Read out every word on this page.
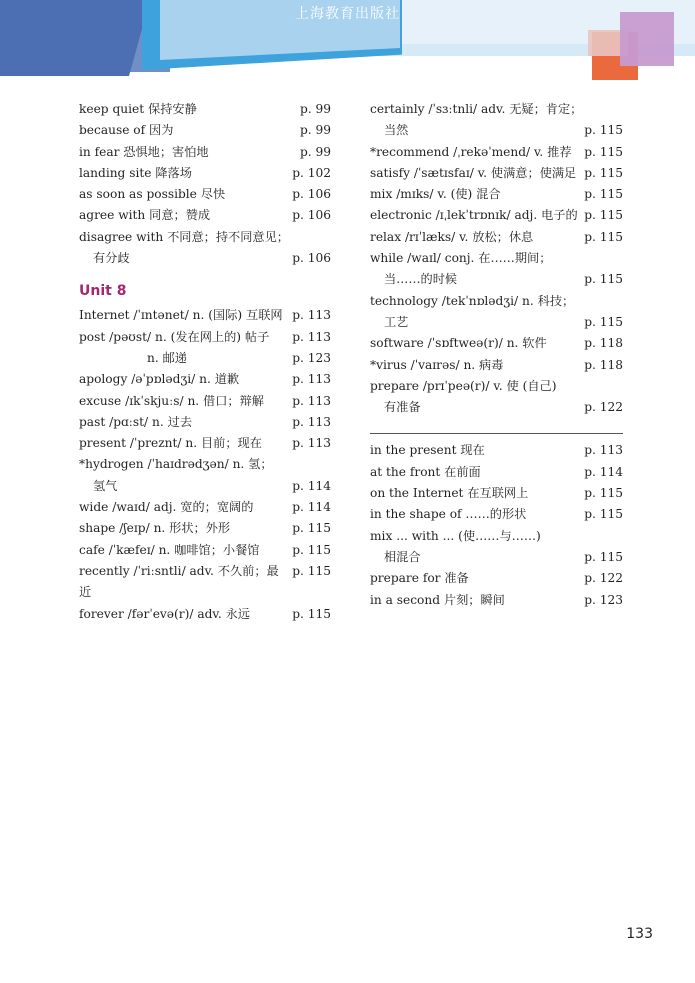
上海教育出版社
keep quiet 保持安静	p. 99
because of 因为	p. 99
in fear 恐惧地；害怕地	p. 99
landing site 降落场	p. 102
as soon as possible 尽快	p. 106
agree with 同意；赞成	p. 106
disagree with 不同意；持不同意见；
有分歧	p. 106
Unit 8
Internet /ˈɪntənet/ n. (国际) 互联网 p. 113
post /pəʊst/ n. (发在网上的) 帖子	p. 113
n. 邮递	p. 123
apology /əˈpɒlədʒi/ n. 道歉	p. 113
excuse /ɪkˈskjuːs/ n. 借口；辩解	p. 113
past /pɑːst/ n. 过去	p. 113
present /ˈpreznt/ n. 目前；现在	p. 113
*hydrogen /ˈhaɪdrədʒən/ n. 氢；
氢气	p. 114
wide /waɪd/ adj. 宽的；宽阔的	p. 114
shape /ʃeɪp/ n. 形状；外形	p. 115
cafe /ˈkæfeɪ/ n. 咖啡馆；小餐馆	p. 115
recently /ˈriːsntli/ adv. 不久前；最近
p. 115
forever /fərˈevə(r)/ adv. 永远	p. 115
certainly /ˈsɜːtnli/ adv. 无疑；肯定；
当然	p. 115
*recommend /ˌrekəˈmend/ v. 推荐	p. 115
satisfy /ˈsætɪsfaɪ/ v. 使满意；使满足 p. 115
mix /mɪks/ v. (使) 混合	p. 115
electronic /ɪˌlekˈtrɒnɪk/ adj. 电子的 p. 115
relax /rɪˈlæks/ v. 放松；休息	p. 115
while /waɪl/ conj. 在……期间；
当……的时候	p. 115
technology /tekˈnɒlədʒi/ n. 科技；
工艺	p. 115
software /ˈsɒftweə(r)/ n. 软件	p. 118
*virus /ˈvaɪrəs/ n. 病毒	p. 118
prepare /prɪˈpeə(r)/ v. 使 (自己)
有准备	p. 122
in the present 现在	p. 113
at the front 在前面	p. 114
on the Internet 在互联网上	p. 115
in the shape of ……的形状	p. 115
mix ... with ... (使……与……)
相混合	p. 115
prepare for 准备	p. 122
in a second 片刻；瞬间	p. 123
133
